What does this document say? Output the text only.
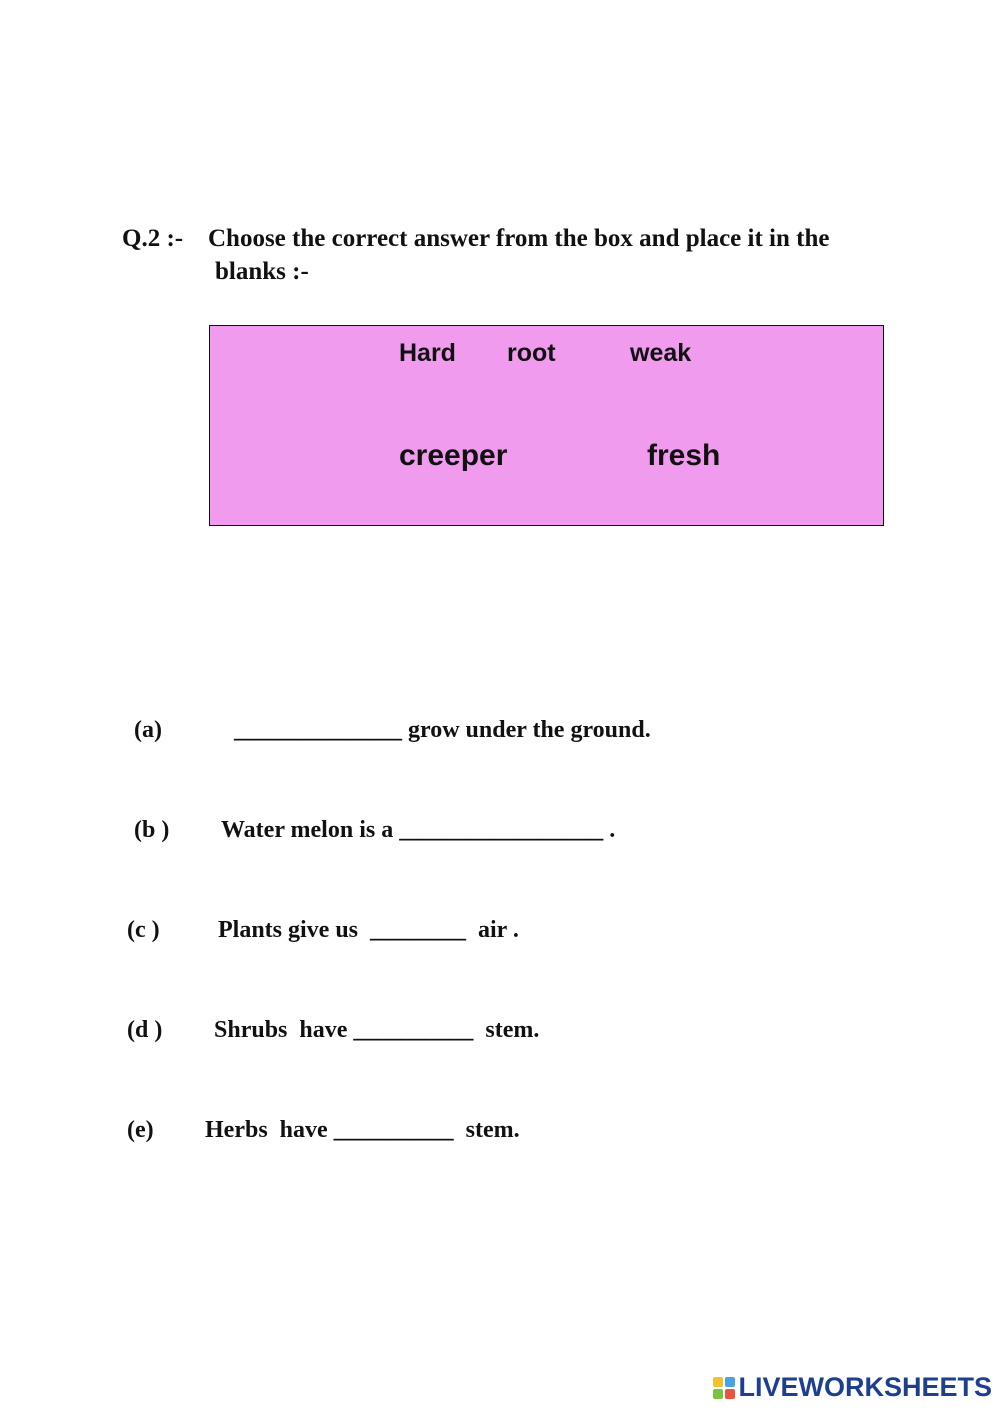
Q.2 :- Choose the correct answer from the box and place it in the
blanks :-
Hard root	weak
creeper	fresh

(a)

	______________ grow under the ground.

(b )

Water melon is a _________________ .

(c )

Plants give us  ________  air .

(d )

Shrubs  have __________  stem.

(e)

Herbs  have __________  stem.

LIVEWORKSHEETS
